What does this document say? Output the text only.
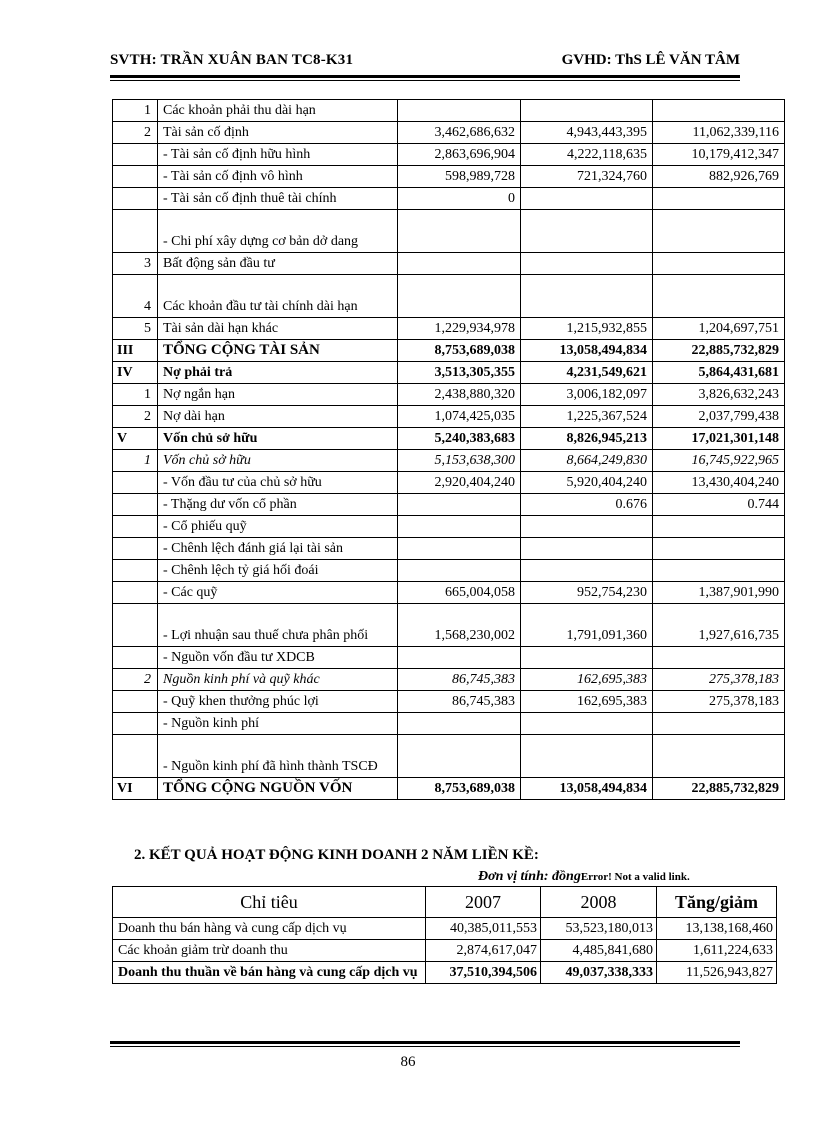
SVTH: TRẦN XUÂN BAN TC8-K31	GVHD: ThS LÊ VĂN TÂM
1	Các khoản phải thu dài hạn			
2	Tài sản cố định	3,462,686,632	4,943,443,395	11,062,339,116
	- Tài sản cố định hữu hình	2,863,696,904	4,222,118,635	10,179,412,347
	- Tài sản cố định vô hình	598,989,728	721,324,760	882,926,769
	- Tài sản cố định thuê tài chính	0		
	- Chi phí xây dựng cơ bản dở dang			
3	Bất động sản đầu tư			
4	Các khoản đầu tư tài chính dài hạn			
5	Tài sản dài hạn khác	1,229,934,978	1,215,932,855	1,204,697,751
III	TỔNG CỘNG TÀI SẢN	8,753,689,038	13,058,494,834	22,885,732,829
IV	Nợ phải trả	3,513,305,355	4,231,549,621	5,864,431,681
1	Nợ ngắn hạn	2,438,880,320	3,006,182,097	3,826,632,243
2	Nợ dài hạn	1,074,425,035	1,225,367,524	2,037,799,438
V	Vốn chủ sở hữu	5,240,383,683	8,826,945,213	17,021,301,148
1	Vốn chủ sở hữu	5,153,638,300	8,664,249,830	16,745,922,965
	- Vốn đầu tư của chủ sở hữu	2,920,404,240	5,920,404,240	13,430,404,240
	- Thặng dư vốn cổ phần		0.676	0.744
	- Cổ phiếu quỹ			
	- Chênh lệch đánh giá lại tài sản			
	- Chênh lệch tỷ giá hối đoái			
	- Các quỹ	665,004,058	952,754,230	1,387,901,990
	- Lợi nhuận sau thuế chưa phân phối	1,568,230,002	1,791,091,360	1,927,616,735
	- Nguồn vốn đầu tư XDCB			
2	Nguồn kinh phí và quỹ khác	86,745,383	162,695,383	275,378,183
	- Quỹ khen thưởng phúc lợi	86,745,383	162,695,383	275,378,183
	- Nguồn kinh phí			
	- Nguồn kinh phí đã hình thành TSCĐ			
VI	TỔNG CỘNG NGUỒN VỐN	8,753,689,038	13,058,494,834	22,885,732,829
2. KẾT QUẢ HOẠT ĐỘNG KINH DOANH 2 NĂM LIỀN KỀ:
Đơn vị tính: đồngError! Not a valid link.
Chỉ tiêu	2007	2008	Tăng/giảm
Doanh thu bán hàng và cung cấp dịch vụ	40,385,011,553	53,523,180,013	13,138,168,460
Các khoản giảm trừ doanh thu	2,874,617,047	4,485,841,680	1,611,224,633
Doanh thu thuần về bán hàng và cung cấp dịch vụ	37,510,394,506	49,037,338,333	11,526,943,827
86
